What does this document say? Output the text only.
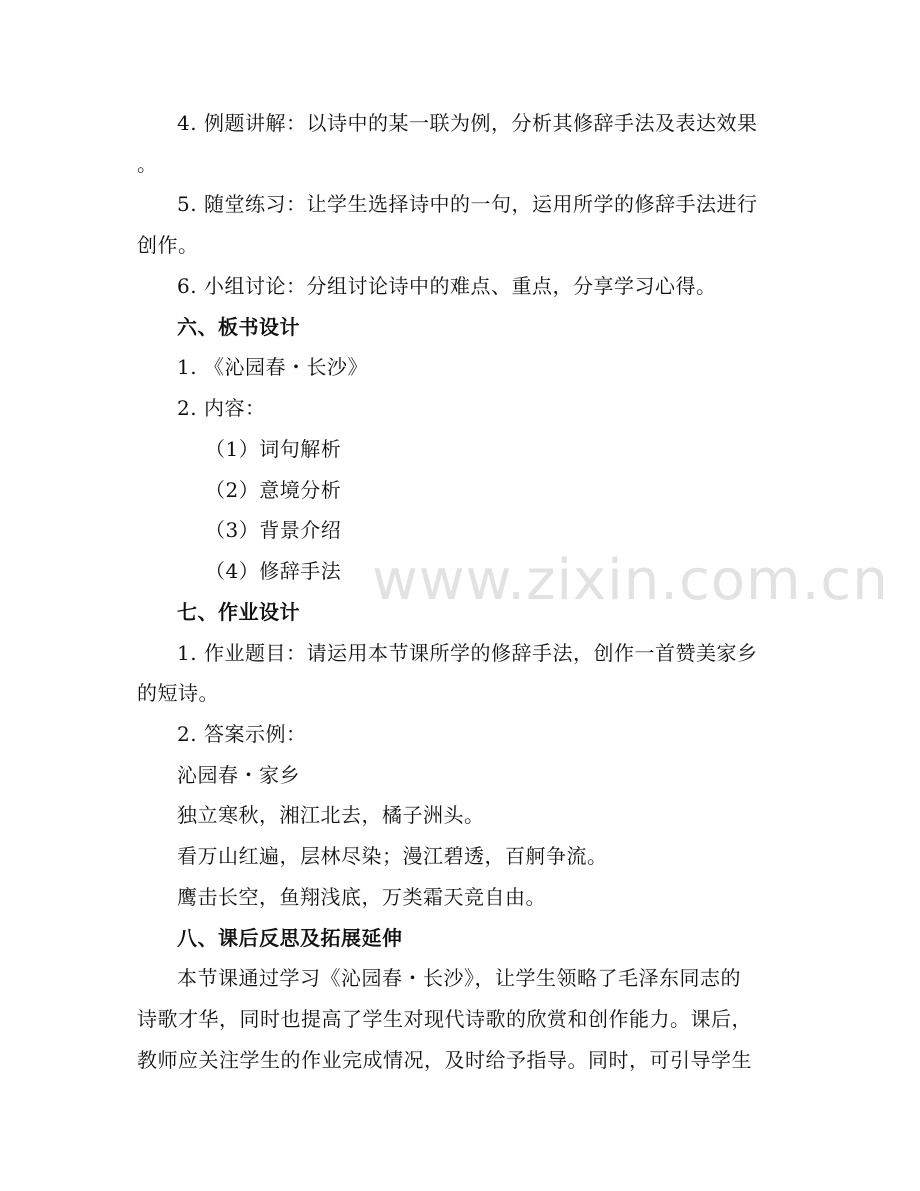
4. 例题讲解：以诗中的某一联为例，分析其修辞手法及表达效果
。
5. 随堂练习：让学生选择诗中的一句，运用所学的修辞手法进行
创作。
6. 小组讨论：分组讨论诗中的难点、重点，分享学习心得。
六、板书设计
1. 《沁园春・长沙》
2. 内容：
（1）词句解析
（2）意境分析
（3）背景介绍
（4）修辞手法
七、作业设计
1. 作业题目：请运用本节课所学的修辞手法，创作一首赞美家乡
的短诗。
2. 答案示例：
沁园春・家乡
独立寒秋，湘江北去，橘子洲头。
看万山红遍，层林尽染；漫江碧透，百舸争流。
鹰击长空，鱼翔浅底，万类霜天竞自由。
八、课后反思及拓展延伸
本节课通过学习《沁园春・长沙》，让学生领略了毛泽东同志的
诗歌才华，同时也提高了学生对现代诗歌的欣赏和创作能力。课后，
教师应关注学生的作业完成情况，及时给予指导。同时，可引导学生
www.zixin.com.cn
